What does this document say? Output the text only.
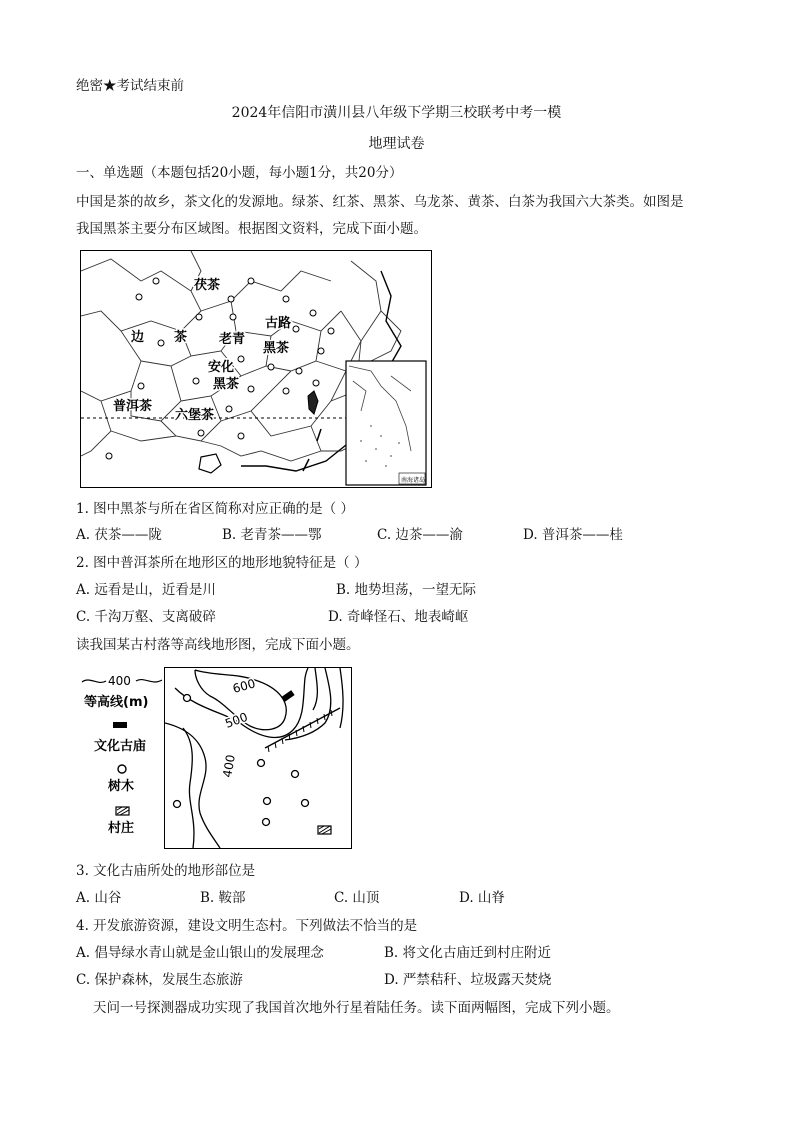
绝密★考试结束前
2024年信阳市潢川县八年级下学期三校联考中考一模
地理试卷
一、单选题（本题包括20小题，每小题1分，共20分）
中国是茶的故乡，茶文化的发源地。绿茶、红茶、黑茶、乌龙茶、黄茶、白茶为我国六大茶类。如图是
我国黑茶主要分布区域图。根据图文资料，完成下面小题。
茯茶
边 茶 老青
古路
黑茶
安化
黑茶
普洱茶
六堡茶
南海诸岛
1. 图中黑茶与所在省区简称对应正确的是（ ）
A. 茯茶——陇	B. 老青茶——鄂	C. 边茶——渝	D. 普洱茶——桂
2. 图中普洱茶所在地形区的地形地貌特征是（ ）
A. 远看是山，近看是川	B. 地势坦荡，一望无际
C. 千沟万壑、支离破碎	D. 奇峰怪石、地表崎岖
读我国某古村落等高线地形图，完成下面小题。
400
等高线(m)
文化古庙
树木
村庄
600
500
400
3. 文化古庙所处的地形部位是
A. 山谷	B. 鞍部	C. 山顶	D. 山脊
4. 开发旅游资源，建设文明生态村。下列做法不恰当的是
A. 倡导绿水青山就是金山银山的发展理念	B. 将文化古庙迁到村庄附近
C. 保护森林，发展生态旅游	D. 严禁秸秆、垃圾露天焚烧
天问一号探测器成功实现了我国首次地外行星着陆任务。读下面两幅图，完成下列小题。
